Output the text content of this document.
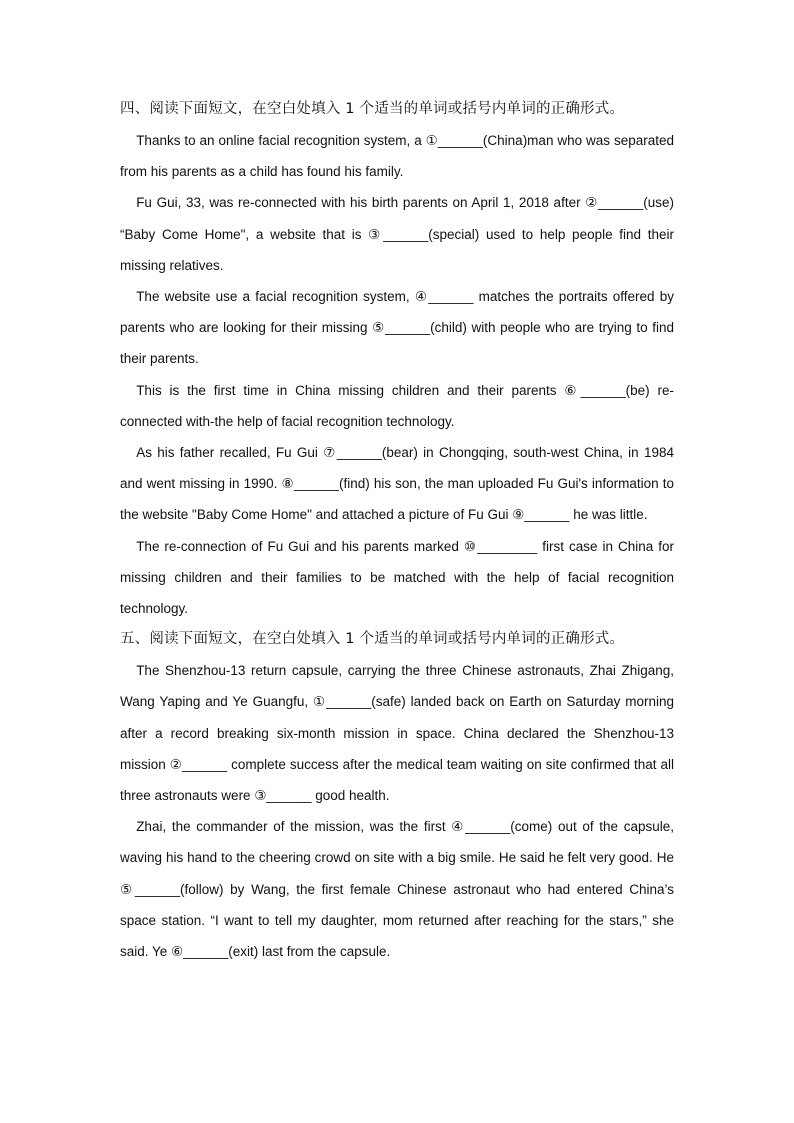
四、阅读下面短文，在空白处填入 1 个适当的单词或括号内单词的正确形式。

Thanks to an online facial recognition system, a ①______(China)man who was separated from his parents as a child has found his family.

Fu Gui, 33, was re-connected with his birth parents on April 1, 2018 after ②______(use) “Baby Come Home", a website that is ③______(special) used to help people find their missing relatives.

The website use a facial recognition system, ④______ matches the portraits offered by parents who are looking for their missing ⑤______(child) with people who are trying to find their parents.

This is the first time in China missing children and their parents ⑥______(be) re-connected with-the help of facial recognition technology.

As his father recalled, Fu Gui ⑦______(bear) in Chongqing, south-west China, in 1984 and went missing in 1990. ⑧______(find) his son, the man uploaded Fu Gui's information to the website "Baby Come Home" and attached a picture of Fu Gui ⑨______ he was little.

The re-connection of Fu Gui and his parents marked ⑩________ first case in China for missing children and their families to be matched with the help of facial recognition technology.

五、阅读下面短文，在空白处填入 1 个适当的单词或括号内单词的正确形式。

The Shenzhou-13 return capsule, carrying the three Chinese astronauts, Zhai Zhigang, Wang Yaping and Ye Guangfu, ①______(safe) landed back on Earth on Saturday morning after a record breaking six-month mission in space. China declared the Shenzhou-13 mission ②______ complete success after the medical team waiting on site confirmed that all three astronauts were ③______ good health.

Zhai, the commander of the mission, was the first ④______(come) out of the capsule, waving his hand to the cheering crowd on site with a big smile. He said he felt very good. He ⑤______(follow) by Wang, the first female Chinese astronaut who had entered China’s space station. “I want to tell my daughter, mom returned after reaching for the stars,” she said. Ye ⑥______(exit) last from the capsule.
